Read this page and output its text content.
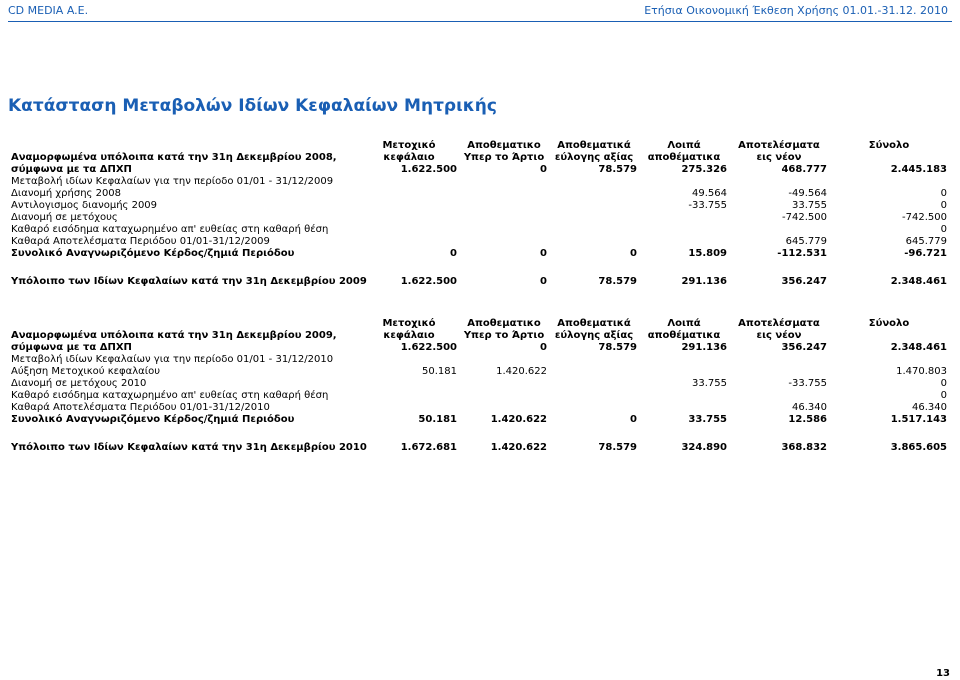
CD MEDIA A.E.	Ετήσια Οικονομική Έκθεση Χρήσης 01.01.-31.12. 2010
Κατάσταση Μεταβολών Ιδίων Κεφαλαίων Μητρικής
Αναμορφωμένα υπόλοιπα κατά την 31η Δεκεμβρίου 2008, σύμφωνα με τα ΔΠΧΠ	Μετοχικό κεφάλαιο	Αποθεματικο Υπερ το Άρτιο	Αποθεματικά εύλογης αξίας	Λοιπά αποθέματικα	Αποτελέσματα εις νέον	Σύνολο
	1.622.500	0	78.579	275.326	468.777	2.445.183
Μεταβολή ιδίων Κεφαλαίων για την περίοδο 01/01 - 31/12/2009						
Διανομή χρήσης 2008				49.564	-49.564	0
Αντιλογισμος διανομής 2009				-33.755	33.755	0
Διανομή σε μετόχους					-742.500	-742.500
Καθαρό εισόδημα καταχωρημένο απ' ευθείας στη καθαρή θέση						0
Καθαρά Αποτελέσματα Περιόδου 01/01-31/12/2009					645.779	645.779
Συνολικό Αναγνωριζόμενο Κέρδος/ζημιά Περιόδου	0	0	0	15.809	-112.531	-96.721

Υπόλοιπο των Ιδίων Κεφαλαίων κατά την 31η Δεκεμβρίου 2009	1.622.500	0	78.579	291.136	356.247	2.348.461
Αναμορφωμένα υπόλοιπα κατά την 31η Δεκεμβρίου 2009, σύμφωνα με τα ΔΠΧΠ	Μετοχικό κεφάλαιο	Αποθεματικο Υπερ το Άρτιο	Αποθεματικά εύλογης αξίας	Λοιπά αποθέματικα	Αποτελέσματα εις νέον	Σύνολο
	1.622.500	0	78.579	291.136	356.247	2.348.461
Μεταβολή ιδίων Κεφαλαίων για την περίοδο 01/01 - 31/12/2010						
Αύξηση Μετοχικού κεφαλαίου	50.181	1.420.622				1.470.803
Διανομή σε μετόχους 2010				33.755	-33.755	0
Καθαρό εισόδημα καταχωρημένο απ' ευθείας στη καθαρή θέση						0
Καθαρά Αποτελέσματα Περιόδου 01/01-31/12/2010					46.340	46.340
Συνολικό Αναγνωριζόμενο Κέρδος/ζημιά Περιόδου	50.181	1.420.622	0	33.755	12.586	1.517.143

Υπόλοιπο των Ιδίων Κεφαλαίων κατά την 31η Δεκεμβρίου 2010	1.672.681	1.420.622	78.579	324.890	368.832	3.865.605
13
